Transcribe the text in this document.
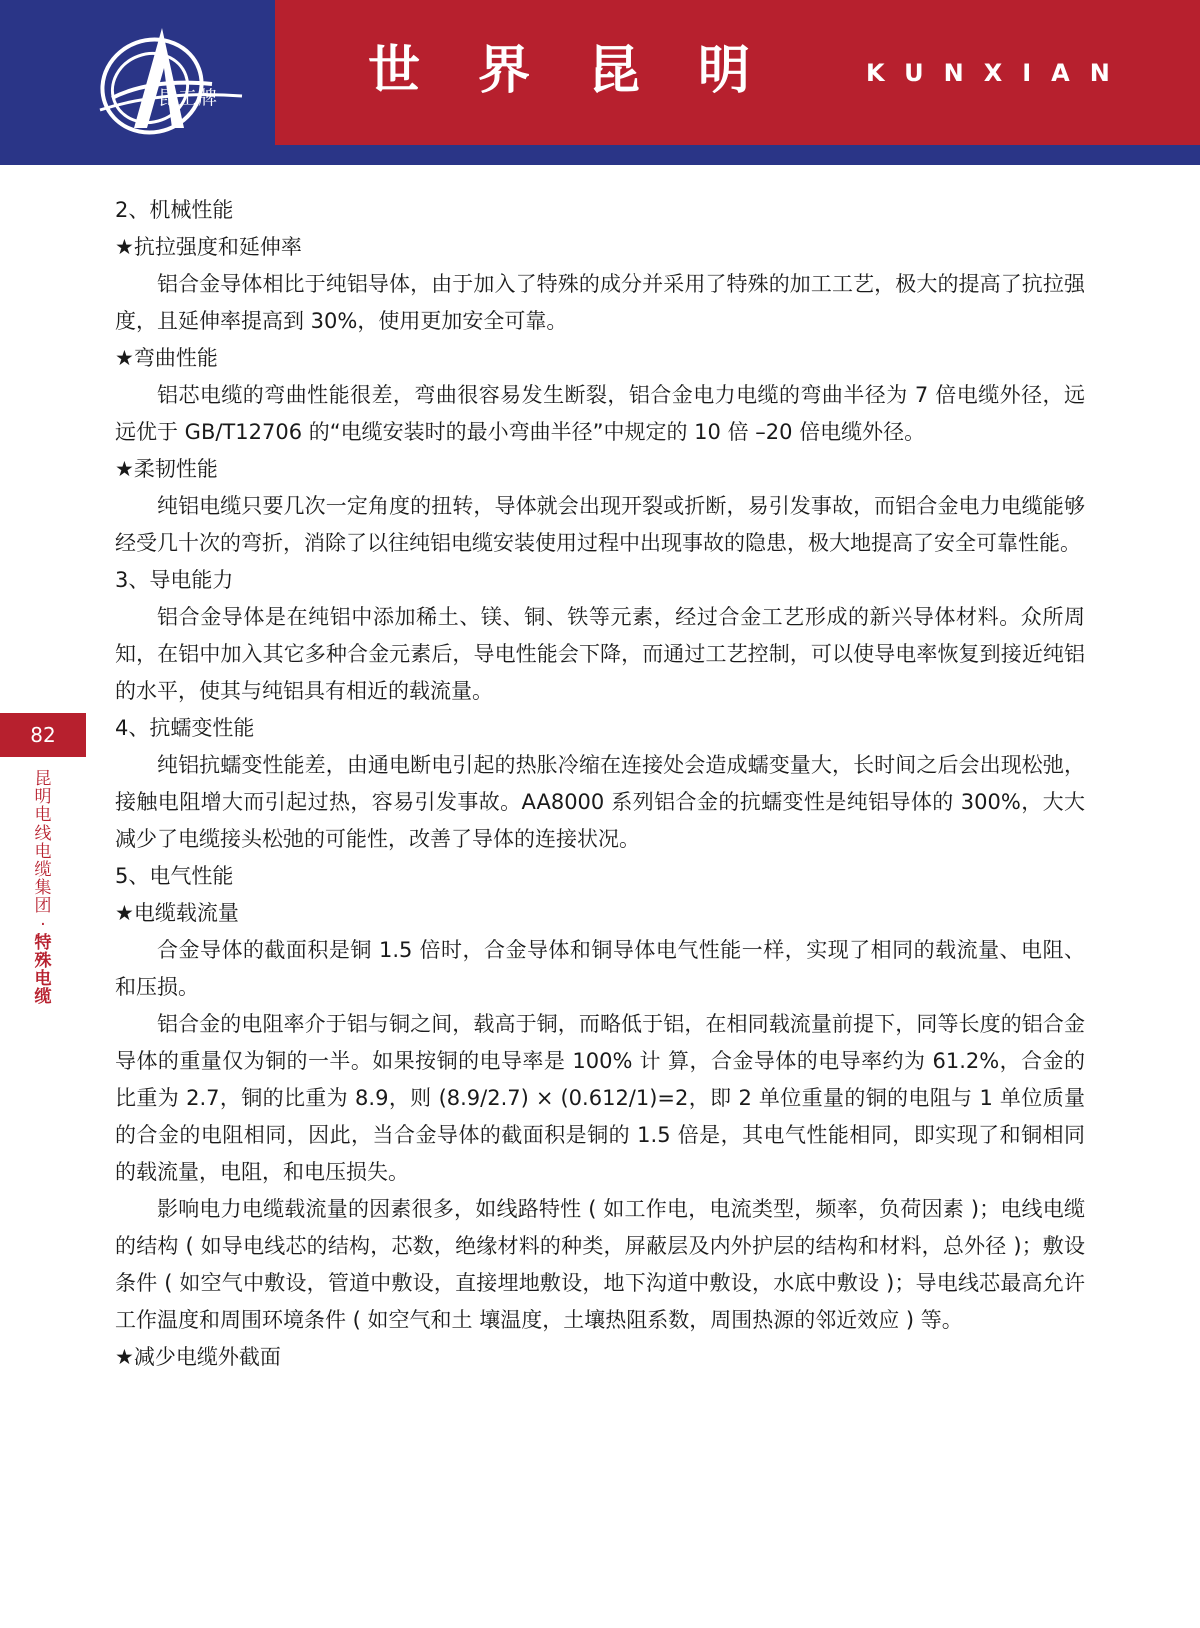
昆工牌	世界昆明 KUNXIAN
82
昆
明
电
线
电
缆
集
团
·
特
殊
电
缆

2、机械性能

★抗拉强度和延伸率

铝合金导体相比于纯铝导体，由于加入了特殊的成分并采用了特殊的加工工艺，极大的提高了抗拉强度，且延伸率提高到 30%，使用更加安全可靠。

★弯曲性能

铝芯电缆的弯曲性能很差，弯曲很容易发生断裂，铝合金电力电缆的弯曲半径为 7 倍电缆外径，远远优于 GB/T12706 的“电缆安装时的最小弯曲半径”中规定的 10 倍 –20 倍电缆外径。

★柔韧性能

纯铝电缆只要几次一定角度的扭转，导体就会出现开裂或折断，易引发事故，而铝合金电力电缆能够经受几十次的弯折，消除了以往纯铝电缆安装使用过程中出现事故的隐患，极大地提高了安全可靠性能。

3、导电能力

铝合金导体是在纯铝中添加稀土、镁、铜、铁等元素，经过合金工艺形成的新兴导体材料。众所周知，在铝中加入其它多种合金元素后，导电性能会下降，而通过工艺控制，可以使导电率恢复到接近纯铝的水平，使其与纯铝具有相近的载流量。

4、抗蠕变性能

纯铝抗蠕变性能差，由通电断电引起的热胀冷缩在连接处会造成蠕变量大，长时间之后会出现松弛，接触电阻增大而引起过热，容易引发事故。AA8000 系列铝合金的抗蠕变性是纯铝导体的 300%，大大减少了电缆接头松弛的可能性，改善了导体的连接状况。

5、电气性能

★电缆载流量

合金导体的截面积是铜 1.5 倍时，合金导体和铜导体电气性能一样，实现了相同的载流量、电阻、和压损。

铝合金的电阻率介于铝与铜之间，载高于铜，而略低于铝，在相同载流量前提下，同等长度的铝合金导体的重量仅为铜的一半。如果按铜的电导率是 100% 计 算，合金导体的电导率约为 61.2%，合金的比重为 2.7，铜的比重为 8.9，则 (8.9/2.7) × (0.612/1)=2，即 2 单位重量的铜的电阻与 1 单位质量的合金的电阻相同，因此，当合金导体的截面积是铜的 1.5 倍是，其电气性能相同，即实现了和铜相同的载流量，电阻，和电压损失。

影响电力电缆载流量的因素很多，如线路特性 ( 如工作电，电流类型，频率，负荷因素 )；电线电缆的结构 ( 如导电线芯的结构，芯数，绝缘材料的种类，屏蔽层及内外护层的结构和材料，总外径 )；敷设条件 ( 如空气中敷设，管道中敷设，直接埋地敷设，地下沟道中敷设，水底中敷设 )；导电线芯最高允许工作温度和周围环境条件 ( 如空气和土 壤温度，土壤热阻系数，周围热源的邻近效应 ) 等。

★减少电缆外截面
